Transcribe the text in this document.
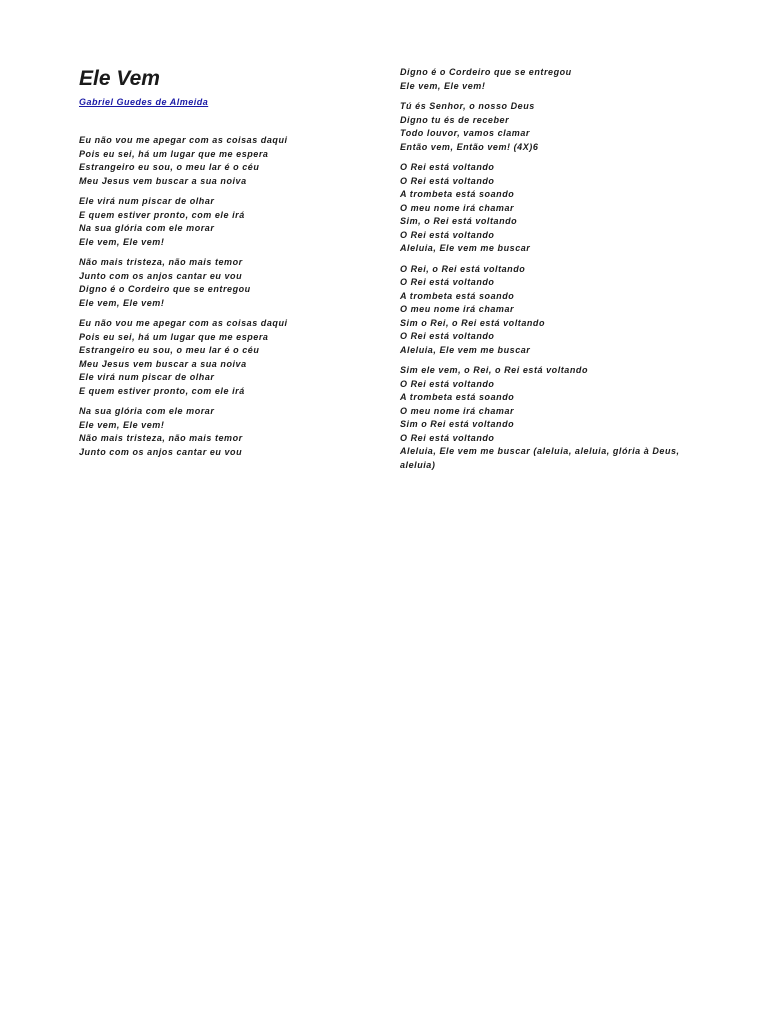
Ele Vem
Gabriel Guedes de Almeida
Eu não vou me apegar com as coisas daqui
Pois eu sei, há um lugar que me espera
Estrangeiro eu sou, o meu lar é o céu
Meu Jesus vem buscar a sua noiva
Ele virá num piscar de olhar
E quem estiver pronto, com ele irá
Na sua glória com ele morar
Ele vem, Ele vem!
Não mais tristeza, não mais temor
Junto com os anjos cantar eu vou
Digno é o Cordeiro que se entregou
Ele vem, Ele vem!
Eu não vou me apegar com as coisas daqui
Pois eu sei, há um lugar que me espera
Estrangeiro eu sou, o meu lar é o céu
Meu Jesus vem buscar a sua noiva
Ele virá num piscar de olhar
E quem estiver pronto, com ele irá
Na sua glória com ele morar
Ele vem, Ele vem!
Não mais tristeza, não mais temor
Junto com os anjos cantar eu vou
Digno é o Cordeiro que se entregou
Ele vem, Ele vem!
Tú és Senhor, o nosso Deus
Digno tu és de receber
Todo louvor, vamos clamar
Então vem, Então vem! (4X)6
O Rei está voltando
O Rei está voltando
A trombeta está soando
O meu nome irá chamar
Sim, o Rei está voltando
O Rei está voltando
Aleluia, Ele vem me buscar
O Rei, o Rei está voltando
O Rei está voltando
A trombeta está soando
O meu nome irá chamar
Sim o Rei, o Rei está voltando
O Rei está voltando
Aleluia, Ele vem me buscar
Sim ele vem, o Rei, o Rei está voltando
O Rei está voltando
A trombeta está soando
O meu nome irá chamar
Sim o Rei está voltando
O Rei está voltando
Aleluia, Ele vem me buscar (aleluia, aleluia, glória à Deus, aleluia)
